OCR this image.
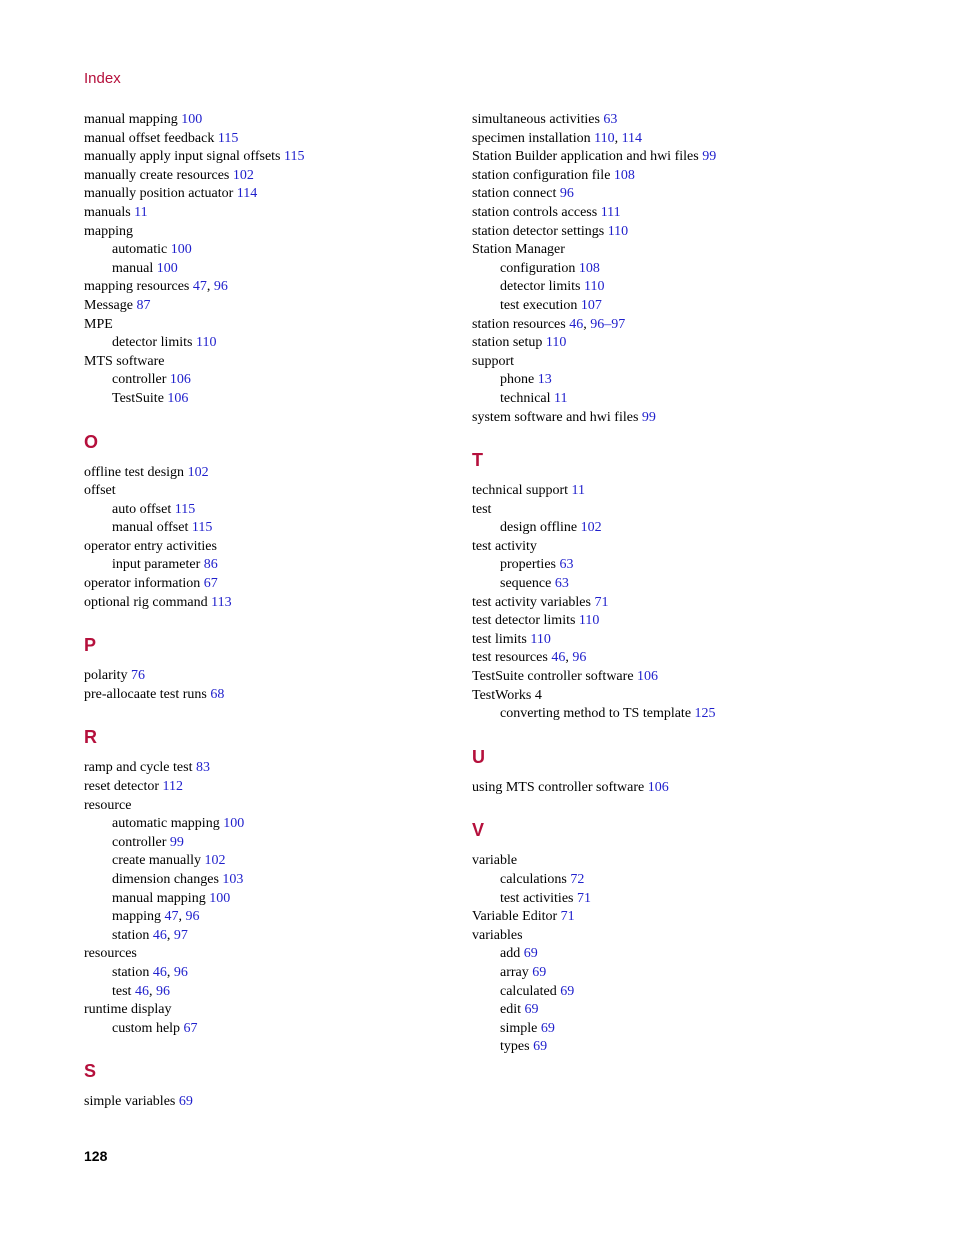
Index
manual mapping 100
manual offset feedback 115
manually apply input signal offsets 115
manually create resources 102
manually position actuator 114
manuals 11
mapping
automatic 100
manual 100
mapping resources 47, 96
Message 87
MPE
detector limits 110
MTS software
controller 106
TestSuite 106
O
offline test design 102
offset
auto offset 115
manual offset 115
operator entry activities
input parameter 86
operator information 67
optional rig command 113
P
polarity 76
pre-allocaate test runs 68
R
ramp and cycle test 83
reset detector 112
resource
automatic mapping 100
controller 99
create manually 102
dimension changes 103
manual mapping 100
mapping 47, 96
station 46, 97
resources
station 46, 96
test 46, 96
runtime display
custom help 67
S
simple variables 69
simultaneous activities 63
specimen installation 110, 114
Station Builder application and hwi files 99
station configuration file 108
station connect 96
station controls access 111
station detector settings 110
Station Manager
configuration 108
detector limits 110
test execution 107
station resources 46, 96–97
station setup 110
support
phone 13
technical 11
system software and hwi files 99
T
technical support 11
test
design offline 102
test activity
properties 63
sequence 63
test activity variables 71
test detector limits 110
test limits 110
test resources 46, 96
TestSuite controller software 106
TestWorks 4
converting method to TS template 125
U
using MTS controller software 106
V
variable
calculations 72
test activities 71
Variable Editor 71
variables
add 69
array 69
calculated 69
edit 69
simple 69
types 69

128
